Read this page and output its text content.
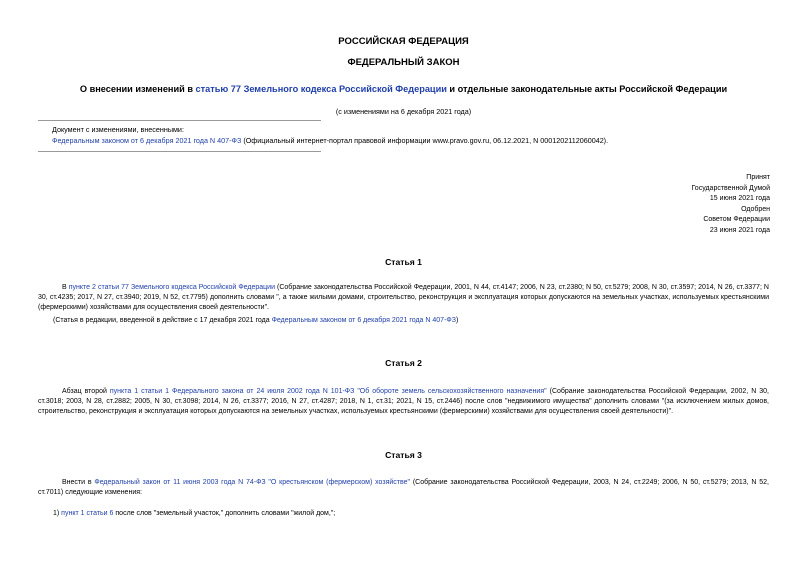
РОССИЙСКАЯ ФЕДЕРАЦИЯ
ФЕДЕРАЛЬНЫЙ ЗАКОН
О внесении изменений в статью 77 Земельного кодекса Российской Федерации и отдельные законодательные акты Российской Федерации
(с изменениями на 6 декабря 2021 года)
Документ с изменениями, внесенными:
Федеральным законом от 6 декабря 2021 года N 407-ФЗ (Официальный интернет-портал правовой информации www.pravo.gov.ru, 06.12.2021, N 0001202112060042).
Принят
Государственной Думой
15 июня 2021 года
Одобрен
Советом Федерации
23 июня 2021 года
Статья 1
В пункте 2 статьи 77 Земельного кодекса Российской Федерации (Собрание законодательства Российской Федерации, 2001, N 44, ст.4147; 2006, N 23, ст.2380; N 50, ст.5279; 2008, N 30, ст.3597; 2014, N 26, ст.3377; N 30, ст.4235; 2017, N 27, ст.3940; 2019, N 52, ст.7795) дополнить словами ", а также жилыми домами, строительство, реконструкция и эксплуатация которых допускаются на земельных участках, используемых крестьянскими (фермерскими) хозяйствами для осуществления своей деятельности".
(Статья в редакции, введенной в действие с 17 декабря 2021 года Федеральным законом от 6 декабря 2021 года N 407-ФЗ)
Статья 2
Абзац второй пункта 1 статьи 1 Федерального закона от 24 июля 2002 года N 101-ФЗ "Об обороте земель сельскохозяйственного назначения" (Собрание законодательства Российской Федерации, 2002, N 30, ст.3018; 2003, N 28, ст.2882; 2005, N 30, ст.3098; 2014, N 26, ст.3377; 2016, N 27, ст.4287; 2018, N 1, ст.31; 2021, N 15, ст.2446) после слов "недвижимого имущества" дополнить словами "(за исключением жилых домов, строительство, реконструкция и эксплуатация которых допускаются на земельных участках, используемых крестьянскими (фермерскими) хозяйствами для осуществления своей деятельности)".
Статья 3
Внести в Федеральный закон от 11 июня 2003 года N 74-ФЗ "О крестьянском (фермерском) хозяйстве" (Собрание законодательства Российской Федерации, 2003, N 24, ст.2249; 2006, N 50, ст.5279; 2013, N 52, ст.7011) следующие изменения:
1) пункт 1 статьи 6 после слов "земельный участок," дополнить словами "жилой дом,";
